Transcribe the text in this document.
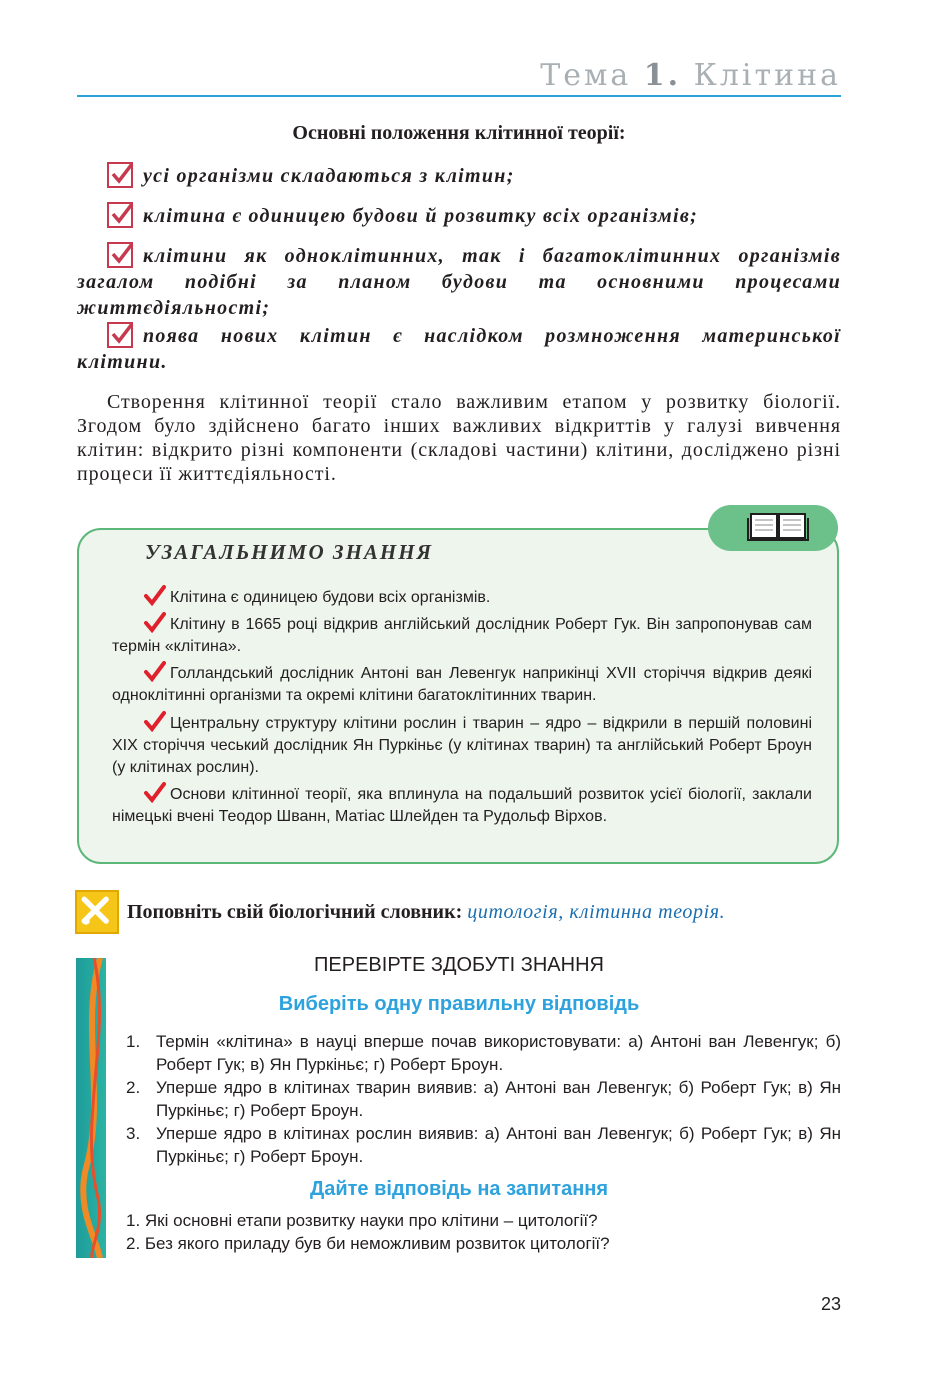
Тема 1. Клітина
Основні положення клітинної теорії:
усі організми складаються з клітин;
клітина є одиницею будови й розвитку всіх організмів;
клітини як одноклітинних, так і багатоклітинних організмів загалом подібні за планом будови та основними процесами життєдіяльності;
поява нових клітин є наслідком розмноження материнської клітини.
Створення клітинної теорії стало важливим етапом у розвитку біології. Згодом було здійснено багато інших важливих відкриттів у галузі вивчення клітин: відкрито різні компоненти (складові частини) клітини, досліджено різні процеси її життєдіяльності.
УЗАГАЛЬНИМО ЗНАННЯ
Клітина є одиницею будови всіх організмів.
Клітину в 1665 році відкрив англійський дослідник Роберт Гук. Він запропонував сам термін «клітина».
Голландський дослідник Антоні ван Левенгук наприкінці XVII сторіччя відкрив деякі одноклітинні організми та окремі клітини багатоклітинних тварин.
Центральну структуру клітини рослин і тварин – ядро – відкрили в першій половині XIX сторіччя чеський дослідник Ян Пуркіньє (у клітинах тварин) та англійський Роберт Броун (у клітинах рослин).
Основи клітинної теорії, яка вплинула на подальший розвиток усієї біології, заклали німецькі вчені Теодор Шванн, Матіас Шлейден та Рудольф Вірхов.
Поповніть свій біологічний словник: цитологія, клітинна теорія.
ПЕРЕВІРТЕ ЗДОБУТІ ЗНАННЯ
Виберіть одну правильну відповідь
1. Термін «клітина» в науці вперше почав використовувати: а) Антоні ван Левенгук; б) Роберт Гук; в) Ян Пуркіньє; г) Роберт Броун.
2. Уперше ядро в клітинах тварин виявив: а) Антоні ван Левенгук; б) Роберт Гук; в) Ян Пуркіньє; г) Роберт Броун.
3. Уперше ядро в клітинах рослин виявив: а) Антоні ван Левенгук; б) Роберт Гук; в) Ян Пуркіньє; г) Роберт Броун.
Дайте відповідь на запитання
1. Які основні етапи розвитку науки про клітини – цитології?
2. Без якого приладу був би неможливим розвиток цитології?
23
